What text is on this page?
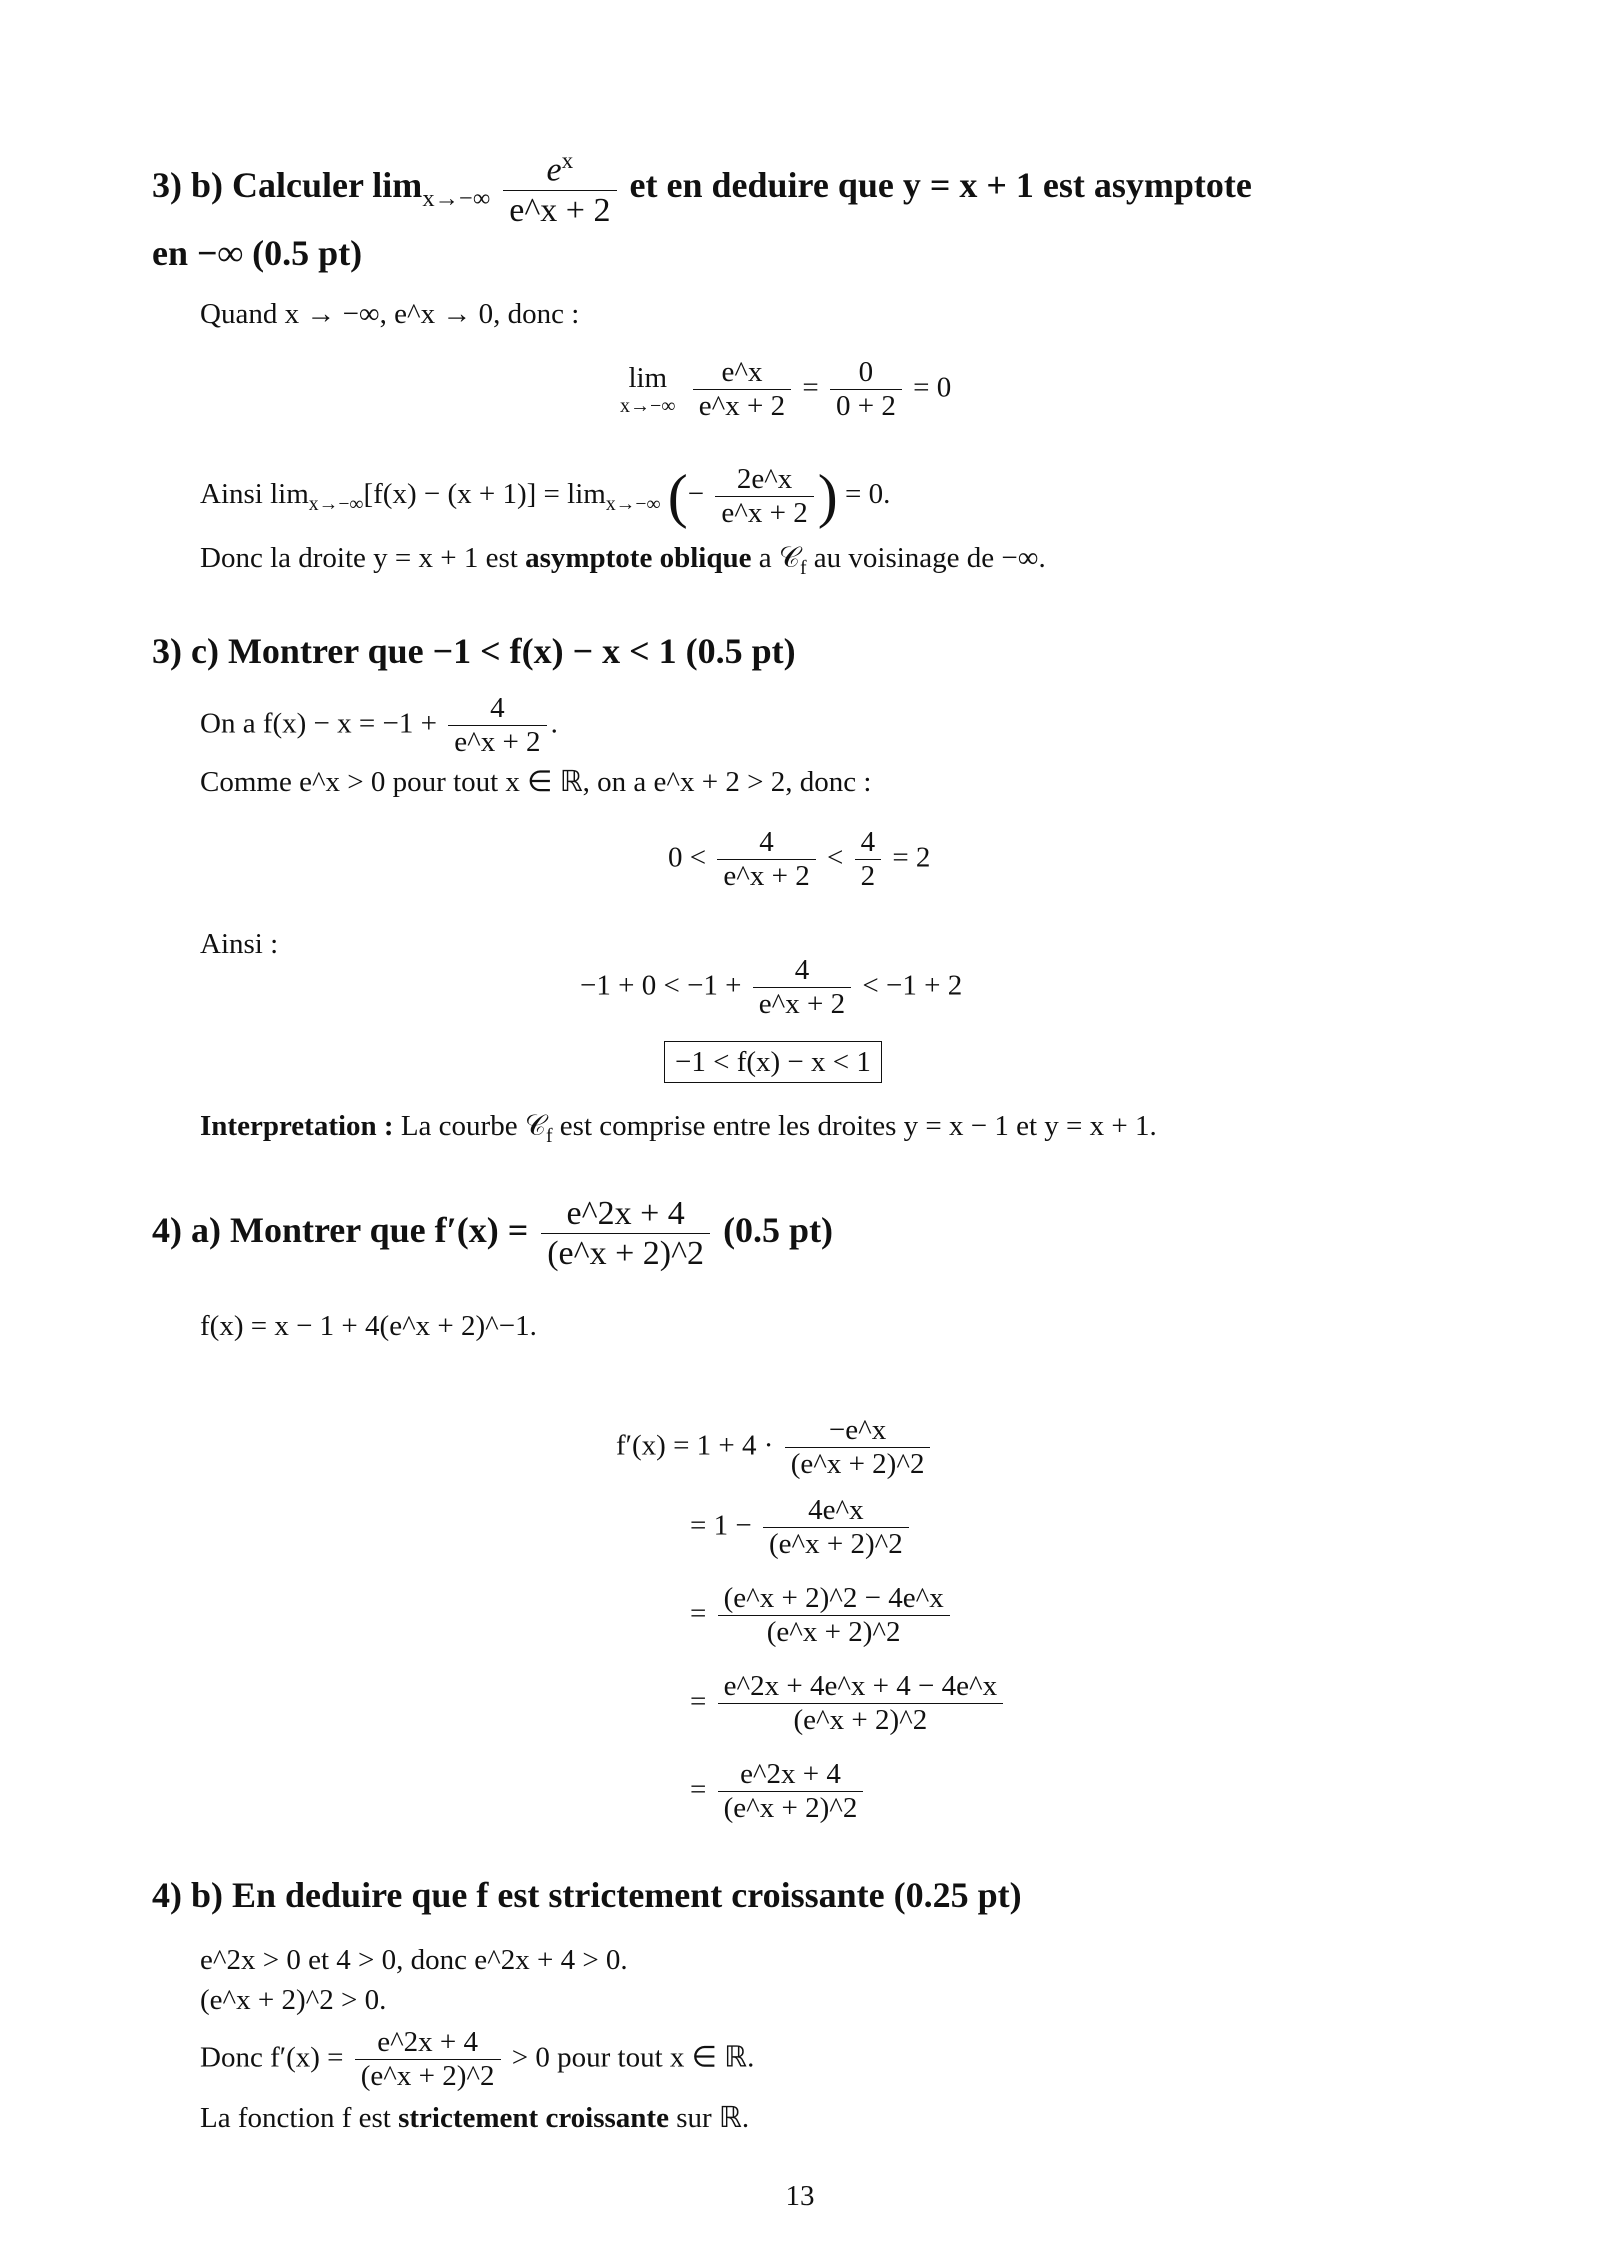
3) b) Calculer $\lim_{x\to-\infty} \frac{e^x}{e\^{}x + 2}$ et en deduire que y = x + 1 est asymptote
en −∞ (0.5 pt)
Quand x → −∞, e^x → 0, donc :
lim
x→−∞
$\frac{e\^{}x}{e\^{}x + 2} = \frac{0}{0 + 2} = 0$
Ainsi $\lim_{x\to-\infty}[f(x) - (x + 1)] = \lim_{x\to-\infty}$ (− $\frac{2e\^{}x}{e\^{}x + 2}$ ) = 0.
Donc la droite y = x + 1 est asymptote oblique a 𝒞$_f$ au voisinage de −∞.
3) c) Montrer que −1 < f(x) − x < 1 (0.5 pt)
On a $f(x) - x = -1 + \frac{4}{e\^{}x + 2}$ .
Comme e^x > 0 pour tout x ∈ ℝ, on a e^x + 2 > 2, donc :
$0 < \frac{4}{e\^{}x + 2} < \frac{4}{2} = 2$
Ainsi :
$-1 + 0 < -1 + \frac{4}{e\^{}x + 2} < -1 + 2$
−1 < f(x) − x < 1
Interpretation : La courbe 𝒞$_f$ est comprise entre les droites y = x − 1 et y = x + 1.
4) a) Montrer que $f'(x) = \frac{e\^{}2x + 4}{(e\^{}x + 2)\^{}2} (0.5$ pt)
f(x) = x − 1 + 4(e^x + 2)^−1.
$f'(x) = 1 + 4 \cdot \frac{-e\^{}x}{(e\^{}x + 2)\^{}2}$
= $1 - \frac{4e\^{}x}{(e\^{}x + 2)\^{}2}$
= $\frac{(e\^{}x + 2)\^{}2 - 4e\^{}x}{(e\^{}x + 2)\^{}2}$
= $\frac{e\^{}2x + 4e\^{}x + 4 - 4e\^{}x}{(e\^{}x + 2)\^{}2}$
= $\frac{e\^{}2x + 4}{(e\^{}x + 2)\^{}2}$
4) b) En deduire que f est strictement croissante (0.25 pt)
e^2x > 0 et 4 > 0, donc e^2x + 4 > 0.
(e^x + 2)^2 > 0.
Donc $f'(x) = \frac{e\^{}2x + 4}{(e\^{}x + 2)\^{}2} > 0$ pour tout x ∈ ℝ.
La fonction f est strictement croissante sur ℝ.
13
